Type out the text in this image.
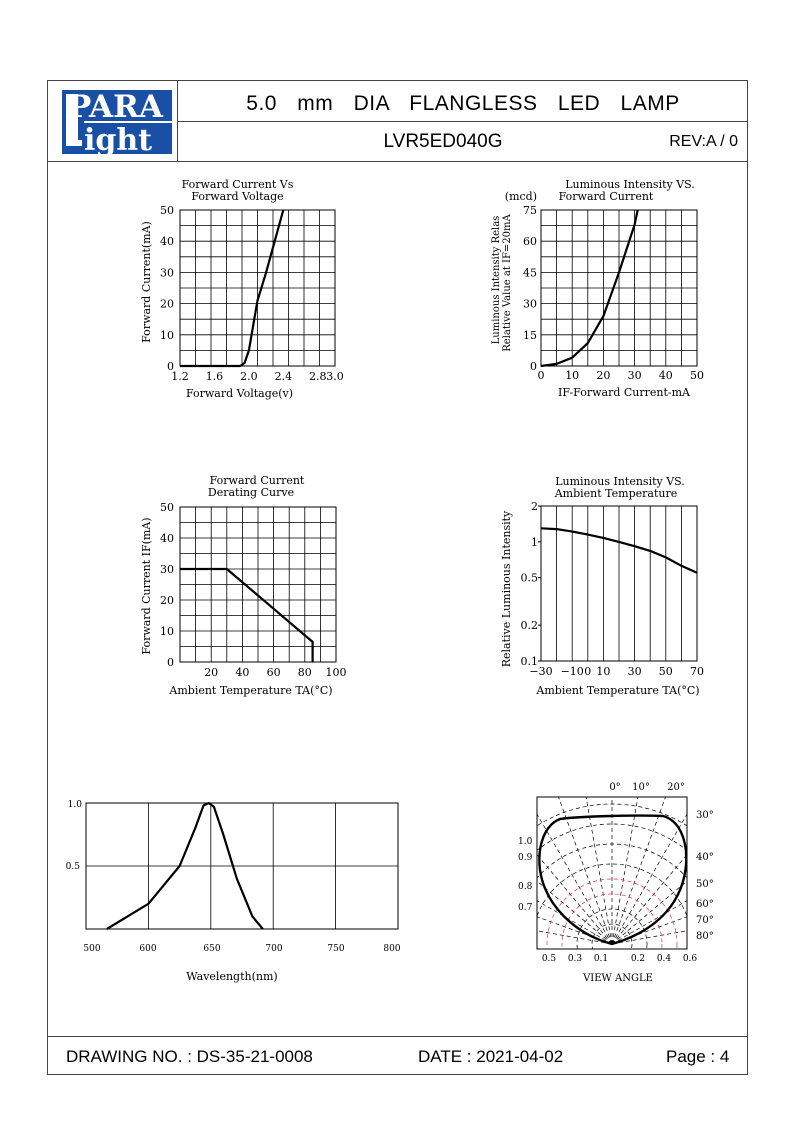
PARA
ight
5.0 mm DIA FLANGLESS LED LAMP
LVR5ED040G	REV:A / 0
1.2 1.6 2.0 2.4 2.8 3.0
0
10
20
30
40
50
Forward Current Vs
Forward Voltage
Forward Voltage(v)
Forward Current(mA)
0 10 20 30 40 50
0
15
30
45
60
75
Luminous Intensity VS.
Forward Current
(mcd)
IF-Forward Current-mA
Luminous Intensity Relas Relative Value at IF=20mA
20 40 60 80 100
0
10
20
30
40
50
Forward Current
Derating Curve
Ambient Temperature TA(°C)
Forward Current IF(mA)
0.1
0.2
0.5
1
2
−30 −10 10 30 50 70
0
Luminous Intensity VS.
Ambient Temperature
Ambient Temperature TA(°C)
Relative Luminous Intensity
500	600	650	700	750	800
0.5
1.0
Wavelength(nm)
0° 10° 20°
30°
40°
50°
60°
70°
80°
1.0
0.9
0.8
0.7
0.5 0.3 0.1	0.2 0.4 0.6
VIEW ANGLE
DRAWING NO. : DS-35-21-0008	DATE : 2021-04-02	Page : 4
